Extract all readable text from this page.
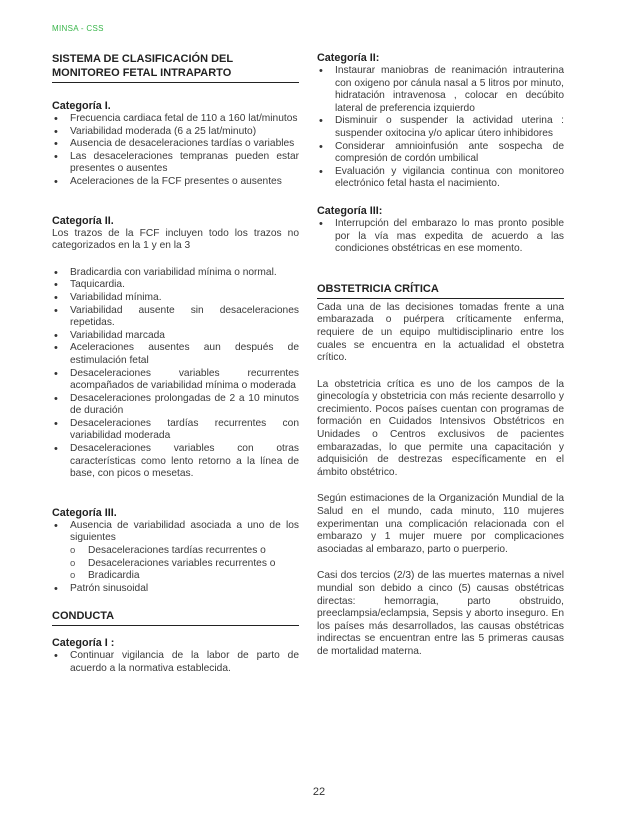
MINSA - CSS
SISTEMA DE CLASIFICACIÓN DEL
MONITOREO FETAL INTRAPARTO
Categoría I.
• Frecuencia cardiaca fetal de 110 a 160 lat/minutos
• Variabilidad moderada (6 a 25 lat/minuto)
• Ausencia de desaceleraciones tardías o variables
• Las desaceleraciones tempranas pueden estar presentes o ausentes
• Aceleraciones de la FCF presentes o ausentes
Categoría II.

Los trazos de la FCF incluyen todo los trazos no categorizados en la 1 y en la 3

• Bradicardia con variabilidad mínima o normal.
• Taquicardia.
• Variabilidad mínima.
• Variabilidad ausente sin desaceleraciones repetidas.
• Variabilidad marcada
• Aceleraciones ausentes aun después de estimulación fetal
• Desaceleraciones variables recurrentes acompañados de variabilidad mínima o moderada
• Desaceleraciones prolongadas de 2 a 10 minutos de duración
• Desaceleraciones tardías recurrentes con variabilidad moderada
• Desaceleraciones variables con otras características como lento retorno a la línea de base, con picos o mesetas.
Categoría III.
• Ausencia de variabilidad asociada a uno de los siguientes
o Desaceleraciones tardías recurrentes o
o Desaceleraciones variables recurrentes o
o Bradicardia
• Patrón sinusoidal
CONDUCTA
Categoría I :
• Continuar vigilancia de la labor de parto de acuerdo a la normativa establecida.
Categoría II:
• Instaurar maniobras de reanimación intrauterina con oxigeno por cánula nasal a 5 litros por minuto, hidratación intravenosa , colocar en decúbito lateral de preferencia izquierdo
• Disminuir o suspender la actividad uterina : suspender oxitocina y/o aplicar útero inhibidores
• Considerar amnioinfusión ante sospecha de compresión de cordón umbilical
• Evaluación y vigilancia continua con monitoreo electrónico fetal hasta el nacimiento.
Categoría III:
• Interrupción del embarazo lo mas pronto posible por la vía mas expedita de acuerdo a las condiciones obstétricas en ese momento.
OBSTETRICIA CRÍTICA

Cada una de las decisiones tomadas frente a una embarazada o puérpera críticamente enferma, requiere de un equipo multidisciplinario entre los cuales se encuentra en la actualidad el obstetra crítico.

La obstetricia crítica es uno de los campos de la ginecología y obstetricia con más reciente desarrollo y crecimiento. Pocos países cuentan con programas de formación en Cuidados Intensivos Obstétricos en Unidades o Centros exclusivos de pacientes embarazadas, lo que permite una capacitación y adquisición de destrezas específicamente en el ámbito obstétrico.

Según estimaciones de la Organización Mundial de la Salud en el mundo, cada minuto, 110 mujeres experimentan una complicación relacionada con el embarazo y 1 mujer muere por complicaciones asociadas al embarazo, parto o puerperio.

Casi dos tercios (2/3) de las muertes maternas a nivel mundial son debido a cinco (5) causas obstétricas directas: hemorragia, parto obstruido, preeclampsia/eclampsia, Sepsis y aborto inseguro. En los países más desarrollados, las causas obstétricas indirectas se encuentran entre las 5 primeras causas de mortalidad materna.

22
